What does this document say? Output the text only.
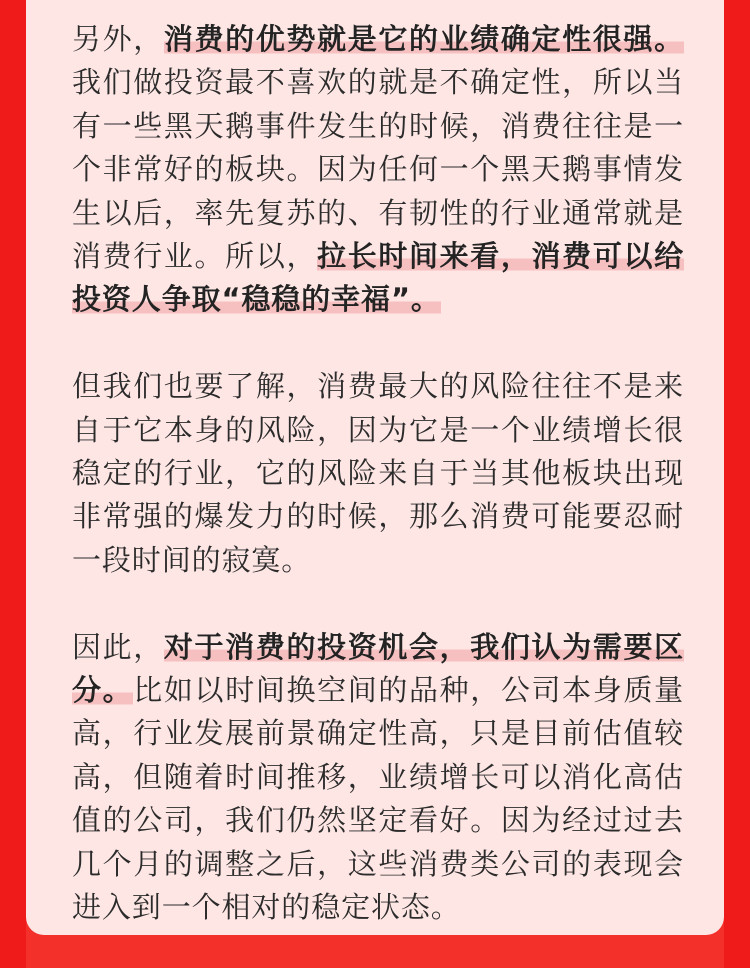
另外，消费的优势就是它的业绩确定性很强。我们做投资最不喜欢的就是不确定性，所以当有一些黑天鹅事件发生的时候，消费往往是一个非常好的板块。因为任何一个黑天鹅事情发生以后，率先复苏的、有韧性的行业通常就是消费行业。所以，拉长时间来看，消费可以给投资人争取“稳稳的幸福”。

但我们也要了解，消费最大的风险往往不是来自于它本身的风险，因为它是一个业绩增长很稳定的行业，它的风险来自于当其他板块出现非常强的爆发力的时候，那么消费可能要忍耐一段时间的寂寞。

因此，对于消费的投资机会，我们认为需要区分。比如以时间换空间的品种，公司本身质量高，行业发展前景确定性高，只是目前估值较高，但随着时间推移，业绩增长可以消化高估值的公司，我们仍然坚定看好。因为经过过去几个月的调整之后，这些消费类公司的表现会进入到一个相对的稳定状态。
